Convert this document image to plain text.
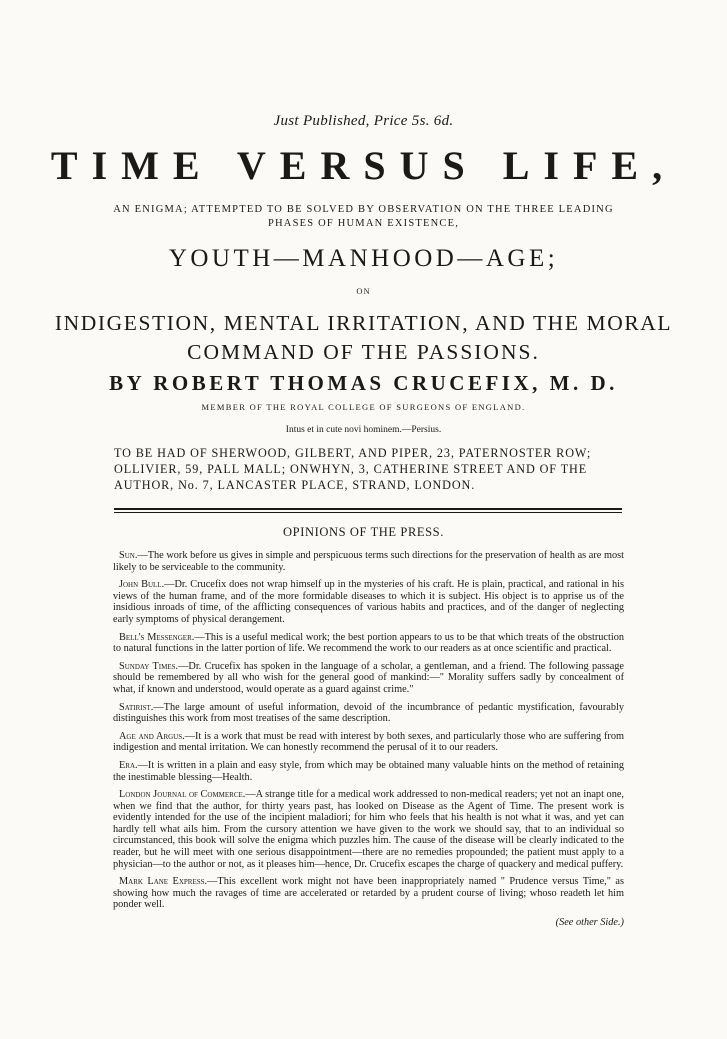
Just Published, Price 5s. 6d.
TIME VERSUS LIFE,
AN ENIGMA; ATTEMPTED TO BE SOLVED BY OBSERVATION ON THE THREE LEADING PHASES OF HUMAN EXISTENCE,
YOUTH—MANHOOD—AGE;
ON
INDIGESTION, MENTAL IRRITATION, AND THE MORAL
COMMAND OF THE PASSIONS.
BY ROBERT THOMAS CRUCEFIX, M. D.
MEMBER OF THE ROYAL COLLEGE OF SURGEONS OF ENGLAND.
Intus et in cute novi hominem.—Persius.
TO BE HAD OF SHERWOOD, GILBERT, AND PIPER, 23, PATERNOSTER ROW; OLLIVIER, 59, PALL MALL; ONWHYN, 3, CATHERINE STREET AND OF THE AUTHOR, No. 7, LANCASTER PLACE, STRAND, LONDON.
OPINIONS OF THE PRESS.

Sun.—The work before us gives in simple and perspicuous terms such directions for the preservation of health as are most likely to be serviceable to the community.

John Bull.—Dr. Crucefix does not wrap himself up in the mysteries of his craft. He is plain, practical, and rational in his views of the human frame, and of the more formidable diseases to which it is subject. His object is to apprise us of the insidious inroads of time, of the afflicting consequences of various habits and practices, and of the danger of neglecting early symptoms of physical derangement.

Bell's Messenger.—This is a useful medical work; the best portion appears to us to be that which treats of the obstruction to natural functions in the latter portion of life. We recommend the work to our readers as at once scientific and practical.

Sunday Times.—Dr. Crucefix has spoken in the language of a scholar, a gentleman, and a friend. The following passage should be remembered by all who wish for the general good of mankind:—" Morality suffers sadly by concealment of what, if known and understood, would operate as a guard against crime."

Satirist.—The large amount of useful information, devoid of the incumbrance of pedantic mystification, favourably distinguishes this work from most treatises of the same description.

Age and Argus.—It is a work that must be read with interest by both sexes, and particularly those who are suffering from indigestion and mental irritation. We can honestly recommend the perusal of it to our readers.

Era.—It is written in a plain and easy style, from which may be obtained many valuable hints on the method of retaining the inestimable blessing—Health.

London Journal of Commerce.—A strange title for a medical work addressed to non-medical readers; yet not an inapt one, when we find that the author, for thirty years past, has looked on Disease as the Agent of Time. The present work is evidently intended for the use of the incipient maladiori; for him who feels that his health is not what it was, and yet can hardly tell what ails him. From the cursory attention we have given to the work we should say, that to an individual so circumstanced, this book will solve the enigma which puzzles him. The cause of the disease will be clearly indicated to the reader, but he will meet with one serious disappointment—there are no remedies propounded; the patient must apply to a physician—to the author or not, as it pleases him—hence, Dr. Crucefix escapes the charge of quackery and medical puffery.

Mark Lane Express.—This excellent work might not have been inappropriately named " Prudence versus Time," as showing how much the ravages of time are accelerated or retarded by a prudent course of living; whoso readeth let him ponder well.

(See other Side.)
